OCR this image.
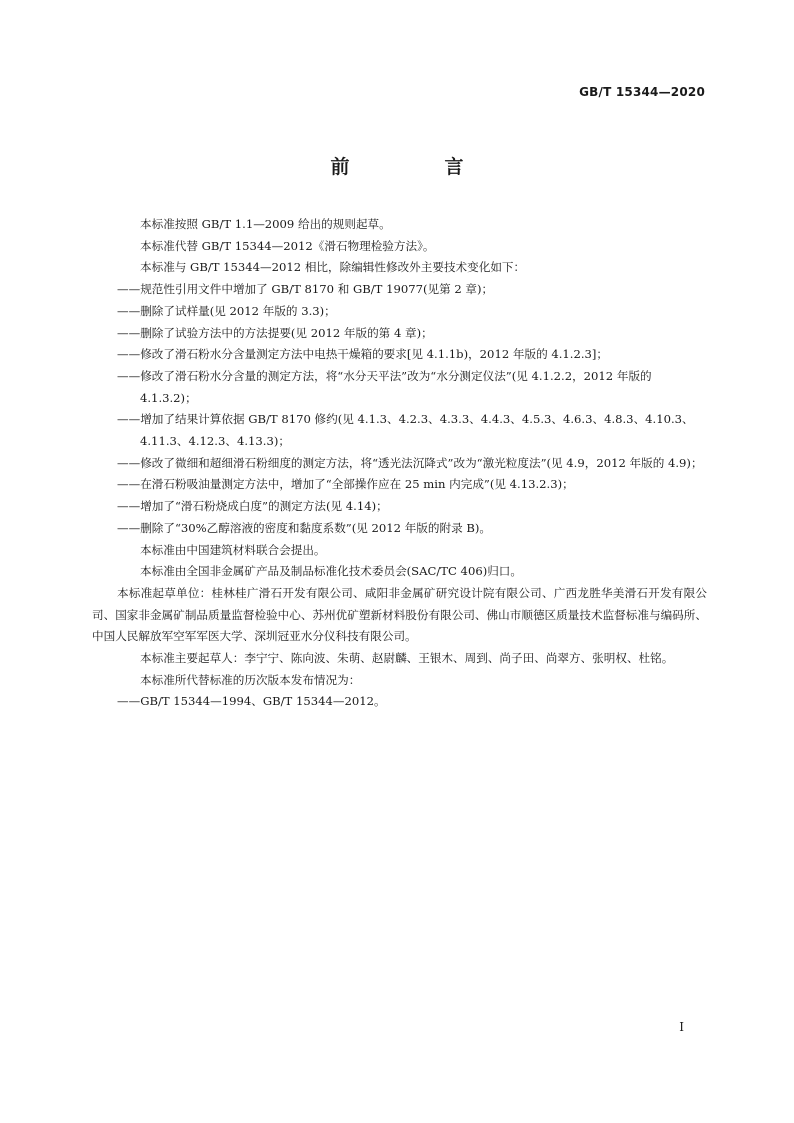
GB/T 15344—2020
前　言

本标准按照 GB/T 1.1—2009 给出的规则起草。

本标准代替 GB/T 15344—2012《滑石物理检验方法》。

本标准与 GB/T 15344—2012 相比，除编辑性修改外主要技术变化如下：

——规范性引用文件中增加了 GB/T 8170 和 GB/T 19077(见第 2 章)；

——删除了试样量(见 2012 年版的 3.3)；

——删除了试验方法中的方法提要(见 2012 年版的第 4 章)；

——修改了滑石粉水分含量测定方法中电热干燥箱的要求[见 4.1.1b)，2012 年版的 4.1.2.3]；

——修改了滑石粉水分含量的测定方法，将“水分天平法”改为“水分测定仪法”(见 4.1.2.2，2012 年版的 4.1.3.2)；

——增加了结果计算依据 GB/T 8170 修约(见 4.1.3、4.2.3、4.3.3、4.4.3、4.5.3、4.6.3、4.8.3、4.10.3、4.11.3、4.12.3、4.13.3)；

——修改了微细和超细滑石粉细度的测定方法，将“透光法沉降式”改为“激光粒度法”(见 4.9，2012 年版的 4.9)；

——在滑石粉吸油量测定方法中，增加了“全部操作应在 25 min 内完成”(见 4.13.2.3)；

——增加了“滑石粉烧成白度”的测定方法(见 4.14)；

——删除了“30%乙醇溶液的密度和黏度系数”(见 2012 年版的附录 B)。

本标准由中国建筑材料联合会提出。

本标准由全国非金属矿产品及制品标准化技术委员会(SAC/TC 406)归口。

本标准起草单位：桂林桂广滑石开发有限公司、咸阳非金属矿研究设计院有限公司、广西龙胜华美滑石开发有限公司、国家非金属矿制品质量监督检验中心、苏州优矿塑新材料股份有限公司、佛山市顺德区质量技术监督标准与编码所、中国人民解放军空军军医大学、深圳冠亚水分仪科技有限公司。

本标准主要起草人：李宁宁、陈向波、朱萌、赵尉麟、王银木、周到、尚子田、尚翠方、张明权、杜铭。

本标准所代替标准的历次版本发布情况为：

——GB/T 15344—1994、GB/T 15344—2012。

I
